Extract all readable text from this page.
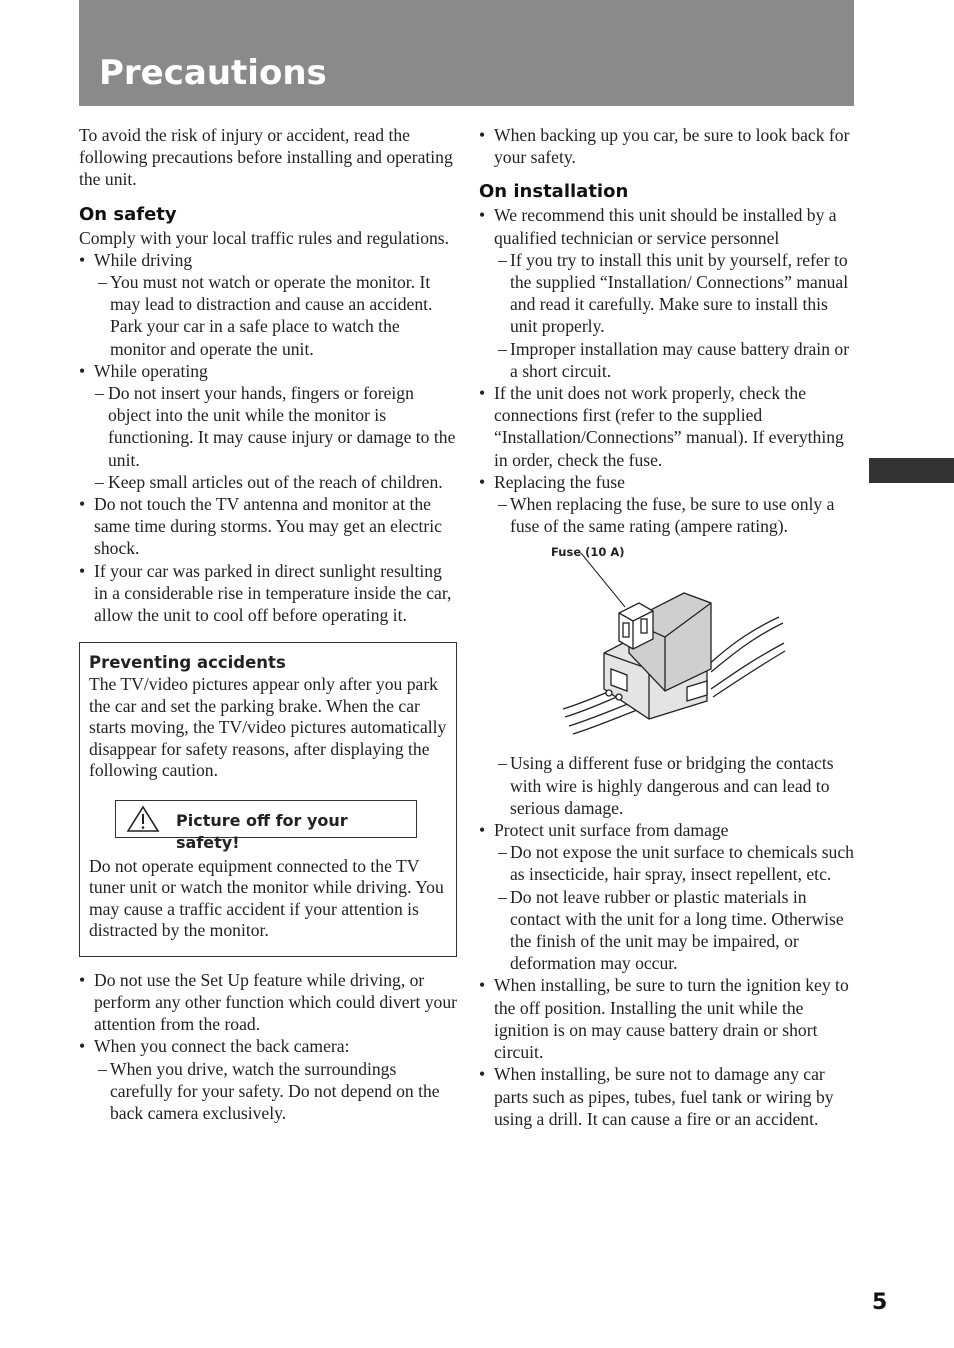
Precautions

To avoid the risk of injury or accident, read the following precautions before installing and operating the unit.

On safety

Comply with your local traffic rules and regulations.

• While driving

– You must not watch or operate the monitor. It may lead to distraction and cause an accident.

Park your car in a safe place to watch the monitor and operate the unit.

• While operating

– Do not insert your hands, fingers or foreign object into the unit while the monitor is functioning. It may cause injury or damage to the unit.

– Keep small articles out of the reach of children.

• Do not touch the TV antenna and monitor at the same time during storms. You may get an electric shock.

• If your car was parked in direct sunlight resulting in a considerable rise in temperature inside the car, allow the unit to cool off before operating it.

Preventing accidents

The TV/video pictures appear only after you park the car and set the parking brake. When the car starts moving, the TV/video pictures automatically disappear for safety reasons, after displaying the following caution.

Picture off for your safety!

Do not operate equipment connected to the TV tuner unit or watch the monitor while driving. You may cause a traffic accident if your attention is distracted by the monitor.

• Do not use the Set Up feature while driving, or perform any other function which could divert your attention from the road.

• When you connect the back camera:

– When you drive, watch the surroundings carefully for your safety. Do not depend on the back camera exclusively.

• When backing up you car, be sure to look back for your safety.

On installation

• We recommend this unit should be installed by a qualified technician or service personnel

– If you try to install this unit by yourself, refer to the supplied “Installation/ Connections” manual and read it carefully. Make sure to install this unit properly.

– Improper installation may cause battery drain or a short circuit.

• If the unit does not work properly, check the connections first (refer to the supplied “Installation/Connections” manual). If everything in order, check the fuse.

• Replacing the fuse

– When replacing the fuse, be sure to use only a fuse of the same rating (ampere rating).

Fuse (10 A)

– Using a different fuse or bridging the contacts with wire is highly dangerous and can lead to serious damage.

• Protect unit surface from damage

– Do not expose the unit surface to chemicals such as insecticide, hair spray, insect repellent, etc.

– Do not leave rubber or plastic materials in contact with the unit for a long time. Otherwise the finish of the unit may be impaired, or deformation may occur.

• When installing, be sure to turn the ignition key to the off position. Installing the unit while the ignition is on may cause battery drain or short circuit.

• When installing, be sure not to damage any car parts such as pipes, tubes, fuel tank or wiring by using a drill. It can cause a fire or an accident.

5
